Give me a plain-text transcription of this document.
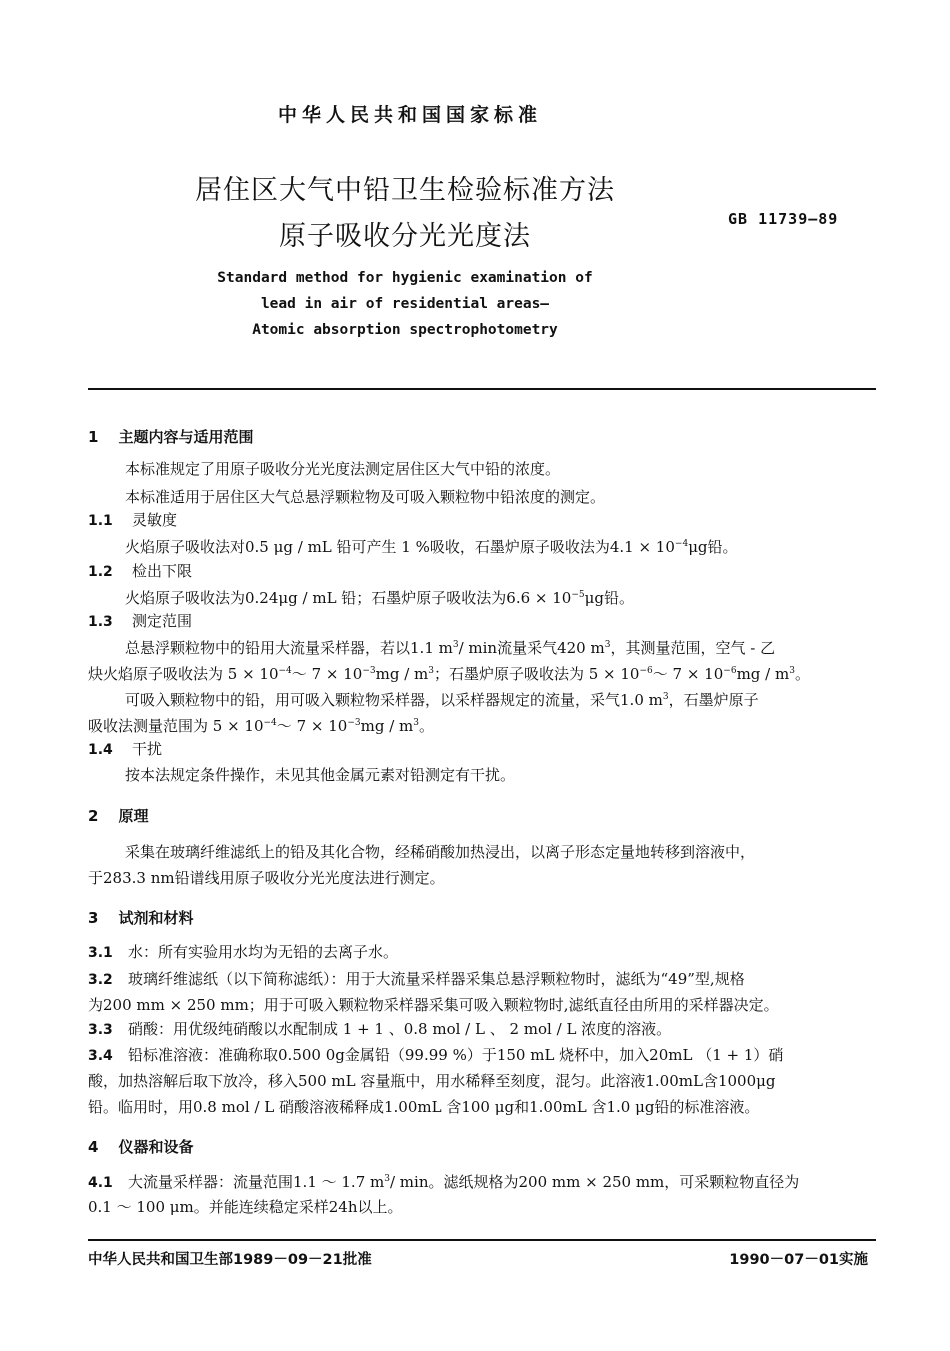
中华人民共和国国家标准
居住区大气中铅卫生检验标准方法
原子吸收分光光度法
GB 11739—89
Standard method for hygienic examination of
lead in air of residential areas—
Atomic absorption spectrophotometry
1 主题内容与适用范围
本标准规定了用原子吸收分光光度法测定居住区大气中铅的浓度。
本标准适用于居住区大气总悬浮颗粒物及可吸入颗粒物中铅浓度的测定。
1.1 灵敏度
火焰原子吸收法对0.5 μg / mL 铅可产生 1 %吸收，石墨炉原子吸收法为$4.1 \times 10^{-4}\mu g$铅。
1.2 检出下限
火焰原子吸收法为0.24μg / mL 铅；石墨炉原子吸收法为$6.6 \times 10^{-5}\mu g$铅。
1.3 测定范围
总悬浮颗粒物中的铅用大流量采样器，若以1.1 $m^3/$ min流量采气420 $m^3$，其测量范围，空气 - 乙
炔火焰原子吸收法为 $5 \times 10^{-4}\sim$ $7 \times 10^{-3}mg / m^3$；石墨炉原子吸收法为 $5 \times 10^{-6}\sim$ $7 \times 10^{-6}mg / m^3$。
可吸入颗粒物中的铅，用可吸入颗粒物采样器，以采样器规定的流量，采气1.0 $m^3$，石墨炉原子
吸收法测量范围为 $5 \times 10^{-4}\sim$ $7 \times 10^{-3}mg / m^3$。
1.4 干扰
按本法规定条件操作，未见其他金属元素对铅测定有干扰。
2 原理
采集在玻璃纤维滤纸上的铅及其化合物，经稀硝酸加热浸出，以离子形态定量地转移到溶液中，
于283.3 nm铅谱线用原子吸收分光光度法进行测定。
3 试剂和材料
3.1 水：所有实验用水均为无铅的去离子水。
3.2 玻璃纤维滤纸（以下简称滤纸）：用于大流量采样器采集总悬浮颗粒物时，滤纸为“49”型,规格
为200 mm × 250 mm；用于可吸入颗粒物采样器采集可吸入颗粒物时,滤纸直径由所用的采样器决定。
3.3 硝酸：用优级纯硝酸以水配制成 1 + 1 、0.8 mol / L 、 2 mol / L 浓度的溶液。
3.4 铅标准溶液：准确称取0.500 0g金属铅（99.99 %）于150 mL 烧杯中，加入20mL （1 + 1）硝
酸，加热溶解后取下放冷，移入500 mL 容量瓶中，用水稀释至刻度，混匀。此溶液1.00mL含1000μg
铅。临用时，用0.8 mol / L 硝酸溶液稀释成1.00mL 含100 μg和1.00mL 含1.0 μg铅的标准溶液。
4 仪器和设备
4.1 大流量采样器：流量范围1.1 ～ 1.7 $m^3/$ min。滤纸规格为200 mm × 250 mm，可采颗粒物直径为
0.1 ～ 100 μm。并能连续稳定采样24h以上。
中华人民共和国卫生部1989－09－21批准	1990－07－01实施
